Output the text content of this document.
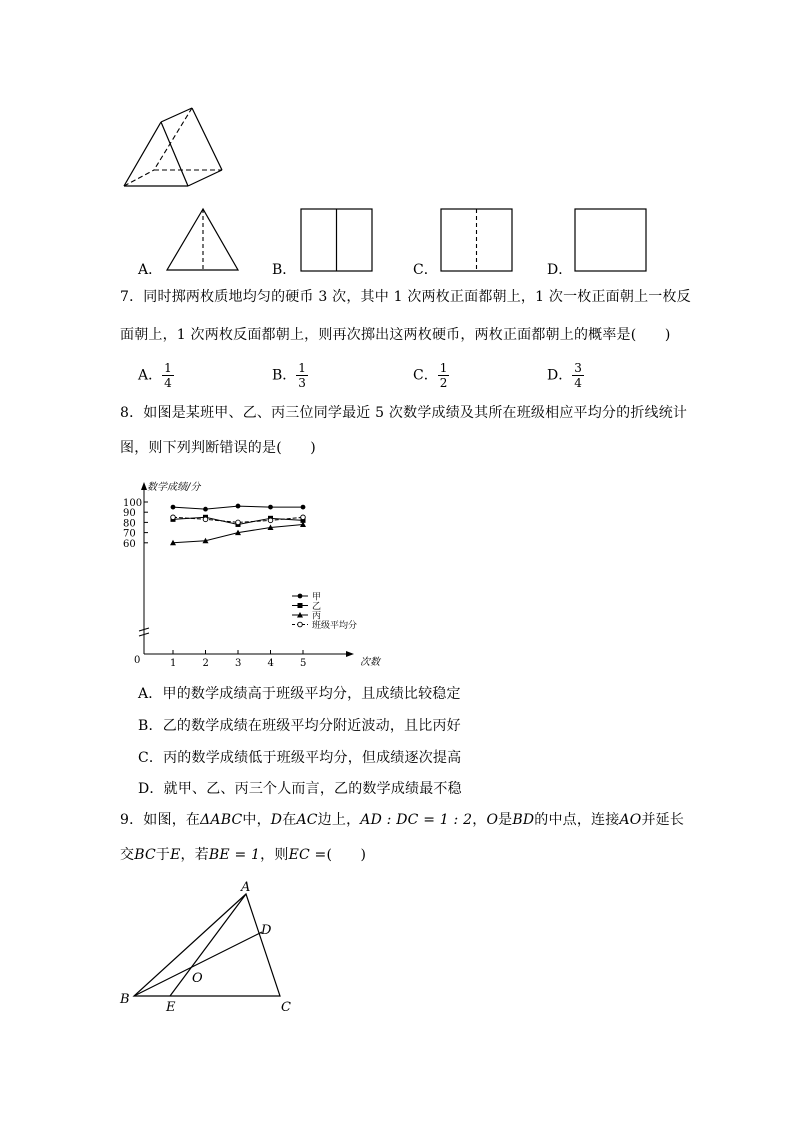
A．	B．	C．	D．
7．同时掷两枚质地均匀的硬币 3 次，其中 1 次两枚正面都朝上，1 次一枚正面朝上一枚反
面朝上，1 次两枚反面都朝上，则再次掷出这两枚硬币，两枚正面都朝上的概率是(　　)
A． $\frac{1}{4}$	B． $\frac{1}{3}$	C． $\frac{1}{2}$	D． $\frac{3}{4}$
8．如图是某班甲、乙、丙三位同学最近 5 次数学成绩及其所在班级相应平均分的折线统计
图，则下列判断错误的是(　　)
数学成绩/分
次数
0
60
70
80
90
100
1	2	3	4	5
甲
乙
丙
班级平均分
A．甲的数学成绩高于班级平均分，且成绩比较稳定
B．乙的数学成绩在班级平均分附近波动，且比丙好
C．丙的数学成绩低于班级平均分，但成绩逐次提高
D．就甲、乙、丙三个人而言，乙的数学成绩最不稳
9．如图，在ΔABC中，D在AC边上，AD : DC = 1 : 2，O是BD的中点，连接AO并延长
交BC于E，若BE = 1，则EC =(　　)
A
D
O
B
E	C
